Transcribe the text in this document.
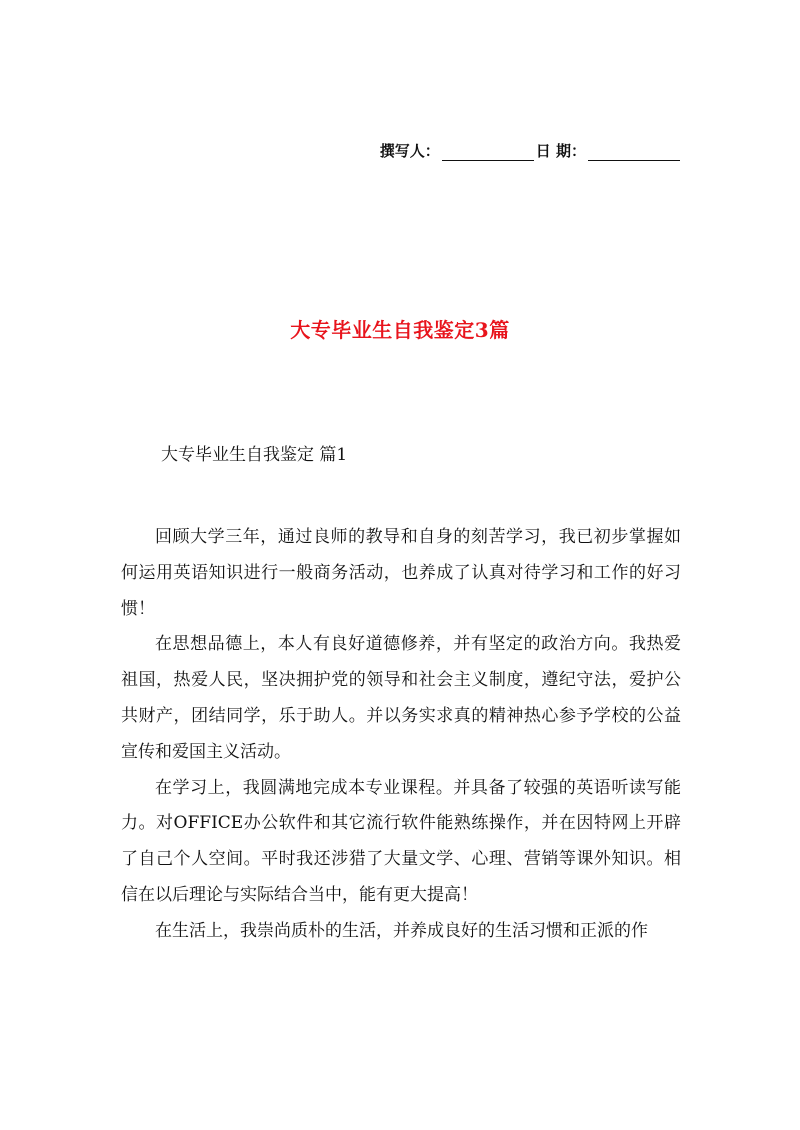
撰写人：	日 期：
大专毕业生自我鉴定3篇
大专毕业生自我鉴定 篇1

回顾大学三年，通过良师的教导和自身的刻苦学习，我已初步掌握如何运用英语知识进行一般商务活动，也养成了认真对待学习和工作的好习惯！

在思想品德上，本人有良好道德修养，并有坚定的政治方向。我热爱祖国，热爱人民，坚决拥护党的领导和社会主义制度，遵纪守法，爱护公共财产，团结同学，乐于助人。并以务实求真的精神热心参予学校的公益宣传和爱国主义活动。

在学习上，我圆满地完成本专业课程。并具备了较强的英语听读写能力。对OFFICE办公软件和其它流行软件能熟练操作，并在因特网上开辟了自己个人空间。平时我还涉猎了大量文学、心理、营销等课外知识。相信在以后理论与实际结合当中，能有更大提高！

在生活上，我崇尚质朴的生活，并养成良好的生活习惯和正派的作
